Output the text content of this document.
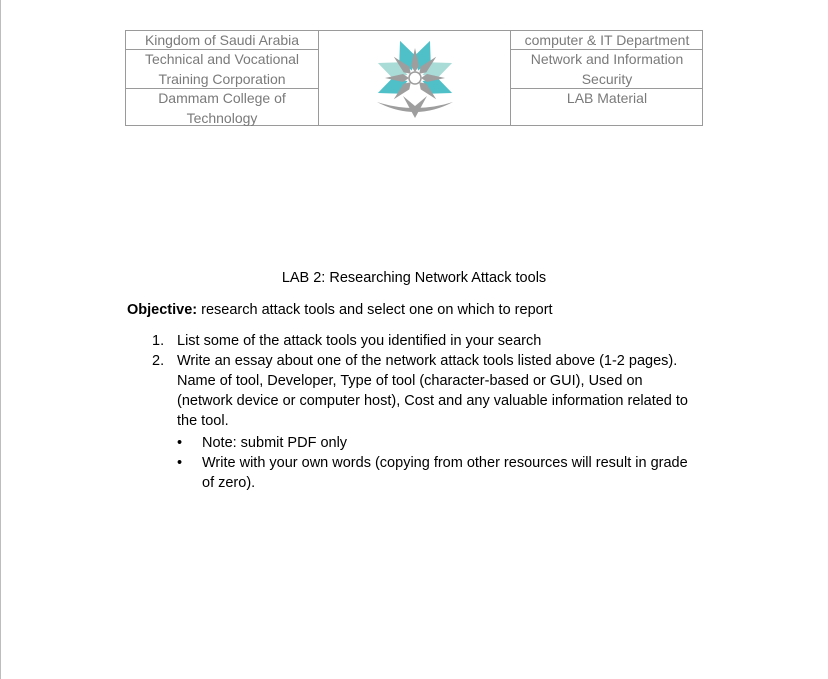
Kingdom of Saudi Arabia
Technical and Vocational
Training Corporation
Dammam College of
Technology
computer & IT Department
Network and Information
Security
LAB Material
LAB 2: Researching Network Attack tools
Objective: research attack tools and select one on which to report
1. List some of the attack tools you identified in your search
2. Write an essay about one of the network attack tools listed above (1-2 pages). Name of tool, Developer, Type of tool (character-based or GUI), Used on (network device or computer host), Cost and any valuable information related to the tool.
• Note: submit PDF only
• Write with your own words (copying from other resources will result in grade of zero).
